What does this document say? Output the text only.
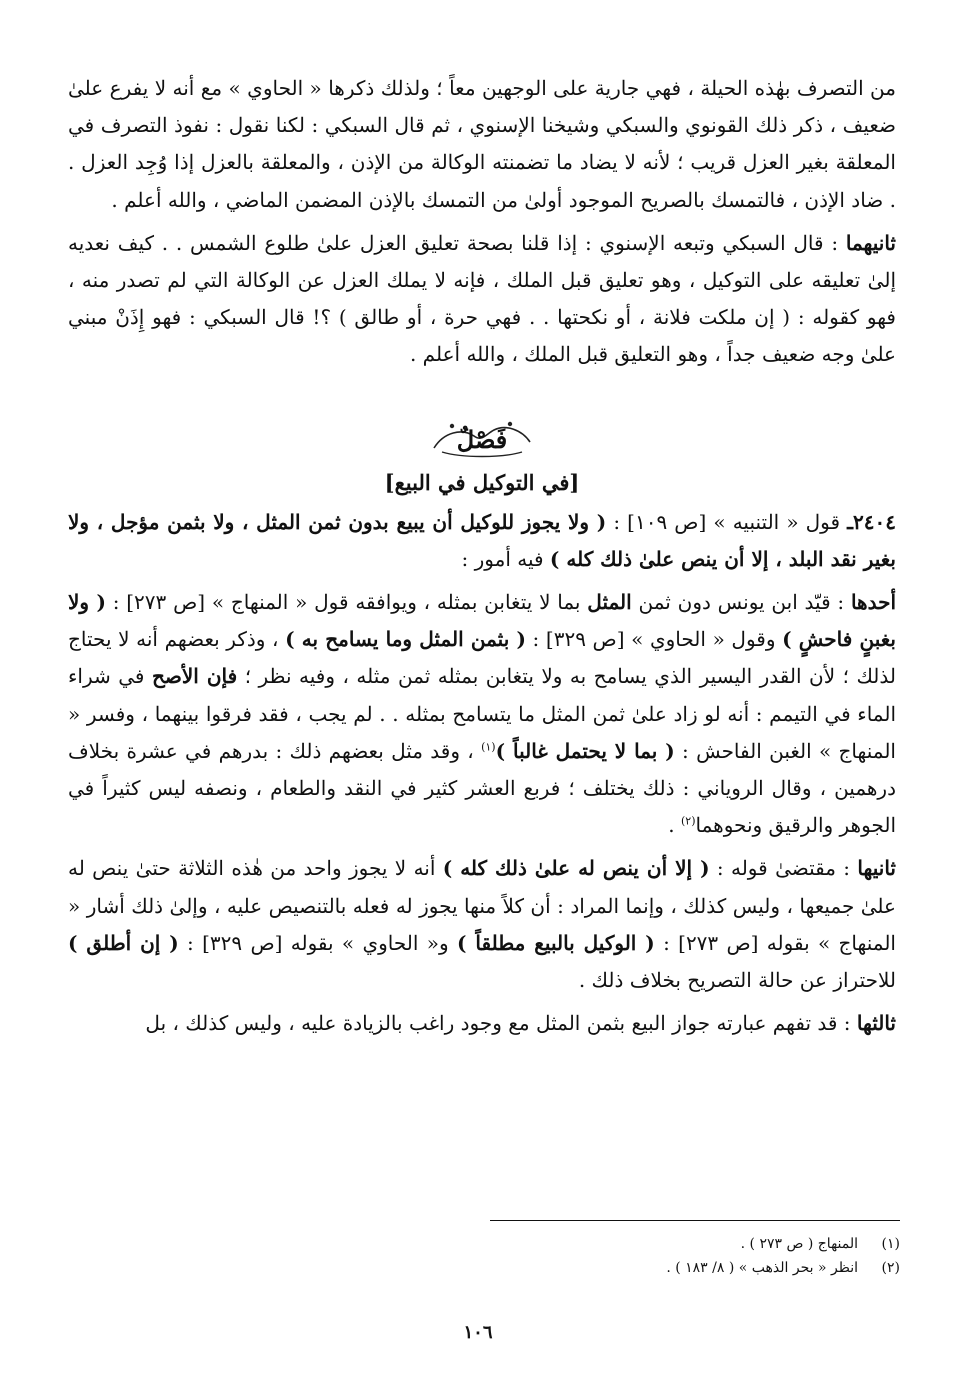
من التصرف بهٰذه الحيلة ، فهي جارية على الوجهين معاً ؛ ولذلك ذكرها « الحاوي » مع أنه لا يفرع علىٰ ضعيف ، ذكر ذلك القونوي والسبكي وشيخنا الإسنوي ، ثم قال السبكي : لكنا نقول : نفوذ التصرف في المعلقة بغير العزل قريب ؛ لأنه لا يضاد ما تضمنته الوكالة من الإذن ، والمعلقة بالعزل إذا وُجِد العزل . . ضاد الإذن ، فالتمسك بالصريح الموجود أولىٰ من التمسك بالإذن المضمن الماضي ، والله أعلم .

ثانيهما : قال السبكي وتبعه الإسنوي : إذا قلنا بصحة تعليق العزل علىٰ طلوع الشمس . . كيف نعديه إلىٰ تعليقه على التوكيل ، وهو تعليق قبل الملك ، فإنه لا يملك العزل عن الوكالة التي لم تصدر منه ، فهو كقوله : ( إن ملكت فلانة ، أو نكحتها . . فهي حرة ، أو طالق ) ؟! قال السبكي : فهو إِذَنْ مبني علىٰ وجه ضعيف جداً ، وهو التعليق قبل الملك ، والله أعلم .

فَصْلٌ
[في التوكيل في البيع]

٢٤٠٤ـ قول « التنبيه » [ص ١٠٩] : ( ولا يجوز للوكيل أن يبيع بدون ثمن المثل ، ولا بثمن مؤجل ، ولا بغير نقد البلد ، إلا أن ينص علىٰ ذلك كله ) فيه أمور :

أحدها : قيّد ابن يونس دون ثمن المثل بما لا يتغابن بمثله ، ويوافقه قول « المنهاج » [ص ٢٧٣] : ( ولا بغبنٍ فاحشٍ ) وقول « الحاوي » [ص ٣٢٩] : ( بثمن المثل وما يسامح به ) ، وذكر بعضهم أنه لا يحتاج لذلك ؛ لأن القدر اليسير الذي يسامح به ولا يتغابن بمثله ثمن مثله ، وفيه نظر ؛ فإن الأصح في شراء الماء في التيمم : أنه لو زاد علىٰ ثمن المثل ما يتسامح بمثله . . لم يجب ، فقد فرقوا بينهما ، وفسر « المنهاج » الغبن الفاحش : ( بما لا يحتمل غالباً )$^{(١)}$ ، وقد مثل بعضهم ذلك : بدرهم في عشرة بخلاف درهمين ، وقال الروياني : ذلك يختلف ؛ فربع العشر كثير في النقد والطعام ، ونصفه ليس كثيراً في الجوهر والرقيق ونحوهما$^{(٢)}$ .

ثانيها : مقتضىٰ قوله : ( إلا أن ينص له علىٰ ذلك كله ) أنه لا يجوز واحد من هٰذه الثلاثة حتىٰ ينص له علىٰ جميعها ، وليس كذلك ، وإنما المراد : أن كلاً منها يجوز له فعله بالتنصيص عليه ، وإلىٰ ذلك أشار « المنهاج » بقوله [ص ٢٧٣] : ( الوكيل بالبيع مطلقاً ) و« الحاوي » بقوله [ص ٣٢٩] : ( إن أطلق ) للاحتراز عن حالة التصريح بخلاف ذلك .

ثالثها : قد تفهم عبارته جواز البيع بثمن المثل مع وجود راغب بالزيادة عليه ، وليس كذلك ، بل

(١)
المنهاج ( ص ٢٧٣ ) .
(٢)
انظر « بحر الذهب » ( ٨/ ١٨٣ ) .
١٠٦
